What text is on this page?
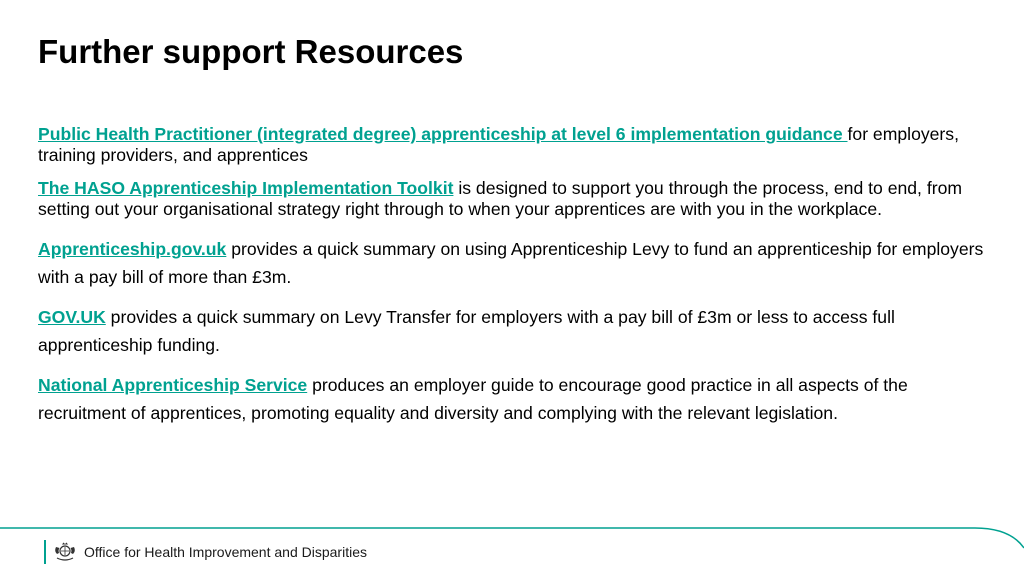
Further support Resources

Public Health Practitioner (integrated degree) apprenticeship at level 6 implementation guidance for employers, training providers, and apprentices

The HASO Apprenticeship Implementation Toolkit is designed to support you through the process, end to end, from setting out your organisational strategy right through to when your apprentices are with you in the workplace.

Apprenticeship.gov.uk provides a quick summary on using Apprenticeship Levy to fund an apprenticeship for employers with a pay bill of more than £3m.

GOV.UK provides a quick summary on Levy Transfer for employers with a pay bill of £3m or less to access full apprenticeship funding.

National Apprenticeship Service produces an employer guide to encourage good practice in all aspects of the recruitment of apprentices, promoting equality and diversity and complying with the relevant legislation.

Office for Health Improvement and Disparities
